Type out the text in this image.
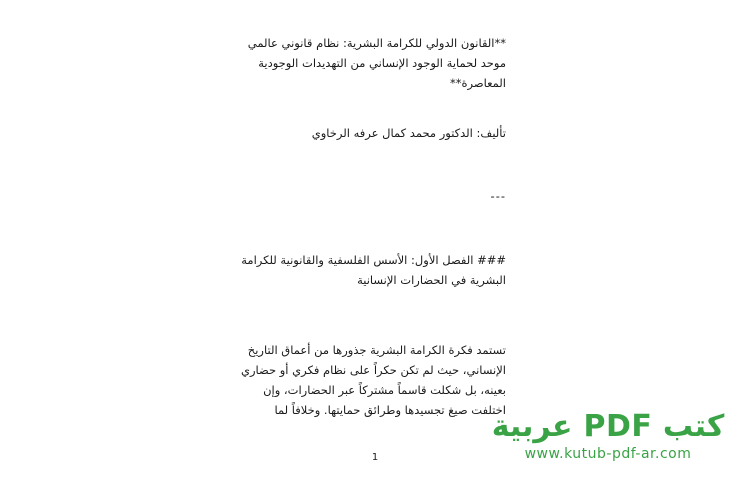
**القانون الدولي للكرامة البشرية: نظام قانوني عالمي موحد لحماية الوجود الإنساني من التهديدات الوجودية المعاصرة**
تأليف: الدكتور محمد كمال عرفه الرخاوي
---
### الفصل الأول: الأسس الفلسفية والقانونية للكرامة البشرية في الحضارات الإنسانية
تستمد فكرة الكرامة البشرية جذورها من أعماق التاريخ الإنساني، حيث لم تكن حكراً على نظام فكري أو حضاري بعينه، بل شكلت قاسماً مشتركاً عبر الحضارات، وإن اختلفت صيغ تجسيدها وطرائق حمايتها. وخلافاً لما
1
كتب PDF عربية
www.kutub-pdf-ar.com
